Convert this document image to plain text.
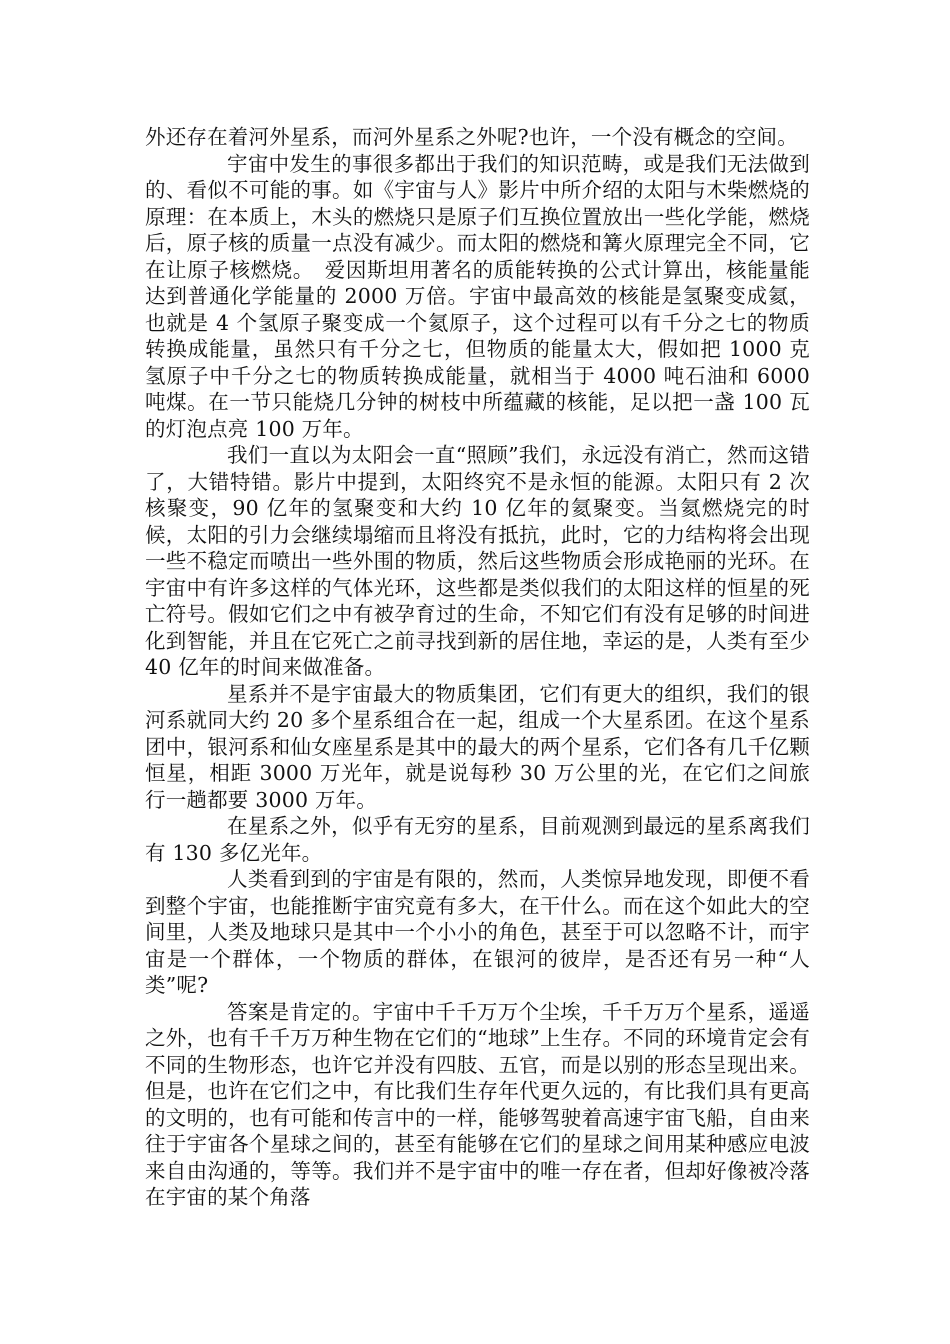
外还存在着河外星系，而河外星系之外呢?也许，一个没有概念的空间。

宇宙中发生的事很多都出于我们的知识范畴，或是我们无法做到的、看似不可能的事。如《宇宙与人》影片中所介绍的太阳与木柴燃烧的原理：在本质上，木头的燃烧只是原子们互换位置放出一些化学能，燃烧后，原子核的质量一点没有减少。而太阳的燃烧和篝火原理完全不同，它在让原子核燃烧。　爱因斯坦用著名的质能转换的公式计算出，核能量能达到普通化学能量的 2000 万倍。宇宙中最高效的核能是氢聚变成氦，也就是 4 个氢原子聚变成一个氦原子，这个过程可以有千分之七的物质转换成能量，虽然只有千分之七，但物质的能量太大，假如把 1000 克氢原子中千分之七的物质转换成能量，就相当于 4000 吨石油和 6000 吨煤。在一节只能烧几分钟的树枝中所蕴藏的核能，足以把一盏 100 瓦的灯泡点亮 100 万年。

我们一直以为太阳会一直“照顾”我们，永远没有消亡，然而这错了，大错特错。影片中提到，太阳终究不是永恒的能源。太阳只有 2 次核聚变，90 亿年的氢聚变和大约 10 亿年的氦聚变。当氦燃烧完的时候，太阳的引力会继续塌缩而且将没有抵抗，此时，它的力结构将会出现一些不稳定而喷出一些外围的物质，然后这些物质会形成艳丽的光环。在宇宙中有许多这样的气体光环，这些都是类似我们的太阳这样的恒星的死亡符号。假如它们之中有被孕育过的生命，不知它们有没有足够的时间进化到智能，并且在它死亡之前寻找到新的居住地，幸运的是，人类有至少 40 亿年的时间来做准备。

星系并不是宇宙最大的物质集团，它们有更大的组织，我们的银河系就同大约 20 多个星系组合在一起，组成一个大星系团。在这个星系团中，银河系和仙女座星系是其中的最大的两个星系，它们各有几千亿颗恒星，相距 3000 万光年，就是说每秒 30 万公里的光，在它们之间旅行一趟都要 3000 万年。

在星系之外，似乎有无穷的星系，目前观测到最远的星系离我们有 130 多亿光年。

人类看到到的宇宙是有限的，然而，人类惊异地发现，即便不看到整个宇宙，也能推断宇宙究竟有多大，在干什么。而在这个如此大的空间里，人类及地球只是其中一个小小的角色，甚至于可以忽略不计，而宇宙是一个群体，一个物质的群体，在银河的彼岸，是否还有另一种“人类”呢?

答案是肯定的。宇宙中千千万万个尘埃，千千万万个星系，遥遥之外，也有千千万万种生物在它们的“地球”上生存。不同的环境肯定会有不同的生物形态，也许它并没有四肢、五官，而是以别的形态呈现出来。但是，也许在它们之中，有比我们生存年代更久远的，有比我们具有更高的文明的，也有可能和传言中的一样，能够驾驶着高速宇宙飞船，自由来往于宇宙各个星球之间的，甚至有能够在它们的星球之间用某种感应电波来自由沟通的，等等。我们并不是宇宙中的唯一存在者，但却好像被冷落在宇宙的某个角落
